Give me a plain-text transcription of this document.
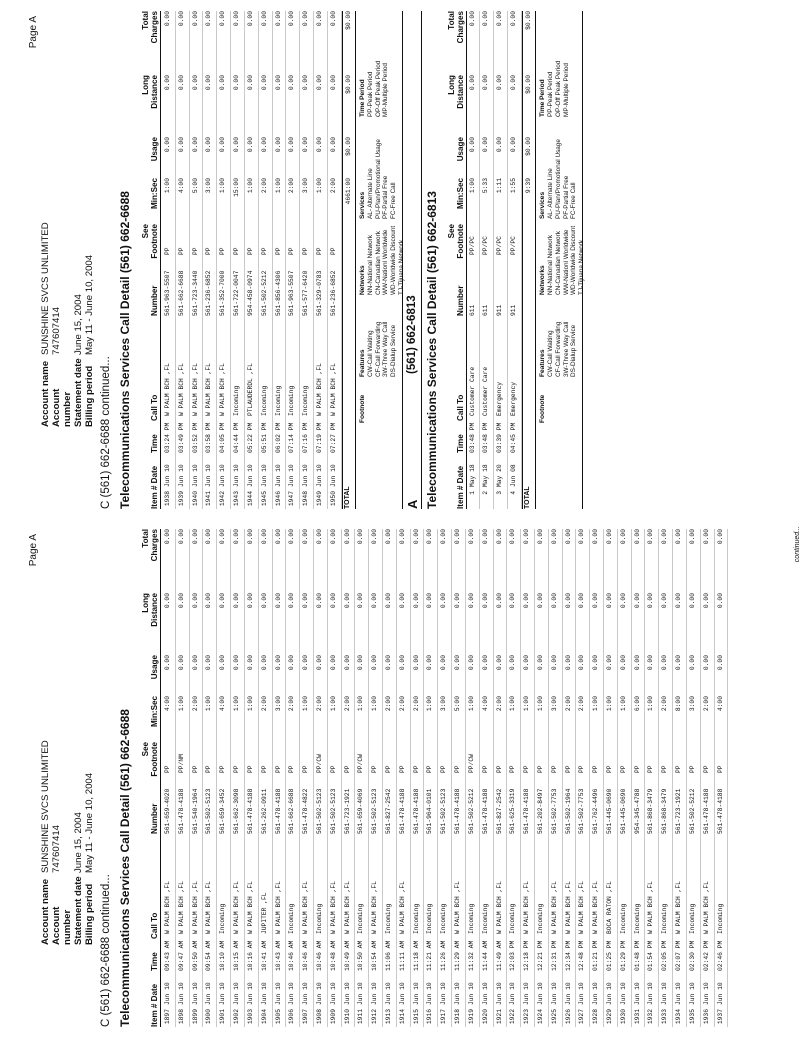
Page A
Account name
SUNSHINE SVCS UNLIMITED
Account number
747607414
Statement date
June 15, 2004
Billing period
May 11 - June 10, 2004
C (561) 662-6688 continued... Telecommunications Services Call Detail (561) 662-6688 Item # Date
Time
Call To
Number
See
Footnote
Min:Sec
Usage
Long
Distance
Total
Charges
1897
Jun 10
09:43 AM
W PALM BCH ,FL
561-659-4020
PP
4:00
0.00
0.00
0.00
1898
Jun 10
09:47 AM
W PALM BCH ,FL
561-478-4188
PP/NM
1:00
0.00
0.00
0.00
1899
Jun 10
09:50 AM
W PALM BCH ,FL
561-540-1964
PP
2:00
0.00
0.00
0.00
1900
Jun 10
09:54 AM
W PALM BCH ,FL
561-502-5123
PP
1:00
0.00
0.00
0.00
1901
Jun 10
10:10 AM
Incoming
561-659-3452
PP
4:00
0.00
0.00
0.00
1902
Jun 10
10:15 AM
W PALM BCH ,FL
561-662-3098
PP
1:00
0.00
0.00
0.00
1903
Jun 10
10:16 AM
W PALM BCH ,FL
561-478-4188
PP
1:00
0.00
0.00
0.00
1904
Jun 10
10:41 AM
JUPITER ,FL
561-262-0911
PP
2:00
0.00
0.00
0.00
1905
Jun 10
10:43 AM
W PALM BCH ,FL
561-478-4188
PP
3:00
0.00
0.00
0.00
1906
Jun 10
10:46 AM
Incoming
561-662-6688
PP
2:00
0.00
0.00
0.00
1907
Jun 10
10:46 AM
W PALM BCH ,FL
561-478-4822
PP
1:00
0.00
0.00
0.00
1908
Jun 10
10:46 AM
Incoming
561-502-5123
PP/CW
2:00
0.00
0.00
0.00
1909
Jun 10
10:48 AM
W PALM BCH ,FL
561-502-5123
PP
1:00
0.00
0.00
0.00
1910
Jun 10
10:49 AM
W PALM BCH ,FL
561-723-1921
PP
2:00
0.00
0.00
0.00
1911
Jun 10
10:50 AM
Incoming
561-659-4069
PP/CW
1:00
0.00
0.00
0.00
1912
Jun 10
10:54 AM
W PALM BCH ,FL
561-502-5123
PP
1:00
0.00
0.00
0.00
1913
Jun 10
11:06 AM
Incoming
561-827-2542
PP
2:00
0.00
0.00
0.00
1914
Jun 10
11:11 AM
W PALM BCH ,FL
561-478-4188
PP
2:00
0.00
0.00
0.00
1915
Jun 10
11:18 AM
Incoming
561-478-4188
PP
2:00
0.00
0.00
0.00
1916
Jun 10
11:21 AM
Incoming
561-964-0101
PP
1:00
0.00
0.00
0.00
1917
Jun 10
11:26 AM
Incoming
561-502-5123
PP
3:00
0.00
0.00
0.00
1918
Jun 10
11:29 AM
W PALM BCH ,FL
561-478-4188
PP
5:00
0.00
0.00
0.00
1919
Jun 10
11:32 AM
Incoming
561-502-5212
PP/CW
1:00
0.00
0.00
0.00
1920
Jun 10
11:44 AM
Incoming
561-478-4188
PP
4:00
0.00
0.00
0.00
1921
Jun 10
11:49 AM
W PALM BCH ,FL
561-827-2542
PP
2:00
0.00
0.00
0.00
1922
Jun 10
12:03 PM
Incoming
561-625-3319
PP
1:00
0.00
0.00
0.00
1923
Jun 10
12:18 PM
W PALM BCH ,FL
561-478-4188
PP
1:00
0.00
0.00
0.00
1924
Jun 10
12:21 PM
Incoming
561-202-8497
PP
1:00
0.00
0.00
0.00
1925
Jun 10
12:31 PM
W PALM BCH ,FL
561-502-7753
PP
3:00
0.00
0.00
0.00
1926
Jun 10
12:34 PM
W PALM BCH ,FL
561-502-1964
PP
2:00
0.00
0.00
0.00
1927
Jun 10
12:48 PM
W PALM BCH ,FL
561-502-7753
PP
2:00
0.00
0.00
0.00
1928
Jun 10
01:21 PM
W PALM BCH ,FL
561-762-4496
PP
1:00
0.00
0.00
0.00
1929
Jun 10
01:25 PM
BOCA RATON ,FL
561-445-0690
PP
1:00
0.00
0.00
0.00
1930
Jun 10
01:29 PM
Incoming
561-445-0690
PP
1:00
0.00
0.00
0.00
1931
Jun 10
01:48 PM
Incoming
954-345-4788
PP
6:00
0.00
0.00
0.00
1932
Jun 10
01:54 PM
W PALM BCH ,FL
561-868-3479
PP
1:00
0.00
0.00
0.00
1933
Jun 10
02:05 PM
Incoming
561-868-3479
PP
2:00
0.00
0.00
0.00
1934
Jun 10
02:07 PM
W PALM BCH ,FL
561-723-1921
PP
8:00
0.00
0.00
0.00
1935
Jun 10
02:30 PM
Incoming
561-502-5212
PP
3:00
0.00
0.00
0.00
1936
Jun 10
02:42 PM
W PALM BCH ,FL
561-478-4188
PP
2:00
0.00
0.00
0.00
1937
Jun 10
02:46 PM
Incoming
561-478-4188
PP
4:00
0.00
0.00
0.00	continued...
Page A
Account name
SUNSHINE SVCS UNLIMITED
Account number
747607414
Statement date
June 15, 2004
Billing period
May 11 - June 10, 2004
C (561) 662-6688 continued... Telecommunications Services Call Detail (561) 662-6688 Item # Date
Time
Call To
Number
See
Footnote
Min:Sec
Usage
Long
Distance
Total
Charges
1938
Jun 10
03:24 PM
W PALM BCH ,FL
561-963-5507
PP
1:00
0.00
0.00
0.00
1939
Jun 10
03:49 PM
W PALM BCH ,FL
561-662-6688
PP
4:00
0.00
0.00
0.00
1940
Jun 10
03:52 PM
W PALM BCH ,FL
561-723-3440
PP
5:00
0.00
0.00
0.00
1941
Jun 10
03:58 PM
W PALM BCH ,FL
561-236-6852
PP
3:00
0.00
0.00
0.00
1942
Jun 10
04:05 PM
W PALM BCH ,FL
561-352-7000
PP
1:00
0.00
0.00
0.00
1943
Jun 10
04:44 PM
Incoming
561-722-0047
PP
15:00
0.00
0.00
0.00
1944
Jun 10
05:22 PM
PTLAUDERDL ,FL
954-458-0974
PP
1:00
0.00
0.00
0.00
1945
Jun 10
05:51 PM
Incoming
561-502-5212
PP
2:00
0.00
0.00
0.00
1946
Jun 10
06:02 PM
Incoming
561-856-4306
PP
1:00
0.00
0.00
0.00
1947
Jun 10
07:14 PM
Incoming
561-963-5507
PP
2:00
0.00
0.00
0.00
1948
Jun 10
07:16 PM
Incoming
561-577-6420
PP
3:00
0.00
0.00
0.00
1949
Jun 10
07:19 PM
W PALM BCH ,FL
561-329-0783
PP
1:00
0.00
0.00
0.00
1950
Jun 10
07:27 PM
W PALM BCH ,FL
561-236-6852
PP
2:00
0.00
0.00
0.00
TOTAL
4661:00
$0.00
$0.00
$0.00
Footnote
Features CW-Call Waiting CF-Call Forwarding 3W-Three Way Call DS-Dialup Service
Networks NN-National Network CN-Canadian Network WW-Nationl Worldwide WD-Worldwide Discount TJ-Tijuana Network
Services AL- Alternate Line PU-Plan/Promotional Usage PF-Partial Free FC-Free Call
Time Period PP-Peak Period OP-Off Peak Period MP-Multiple Period
A
(561) 662-6813 Telecommunications Services Call Detail (561) 662-6813 Item # Date
Time
Call To
Number
See
Footnote
Min:Sec
Usage
Long
Distance
Total
Charges
1
May 18
03:48 PM
Customer Care
611
PP/PC
1:00
0.00
0.00
0.00
2
May 18
03:48 PM
Customer Care
611
PP/PC
5:33
0.00
0.00
0.00
3
May 20
03:39 PM
Emergency
911
PP/PC
1:11
0.00
0.00
0.00
4
Jun 08
04:45 PM
Emergency
911
PP/PC
1:55
0.00
0.00
0.00
TOTAL
9:39
$0.00
$0.00
$0.00
Footnote
Features CW-Call Waiting CF-Call Forwarding 3W-Three Way Call DS-Dialup Service
Networks NN-National Network CN-Canadian Network WW-Nationl Worldwide WD-Worldwide Discount TJ-Tijuana Network
Services AL- Alternate Line PU-Plan/Promotional Usage PF-Partial Free FC-Free Call
Time Period PP-Peak Period OP-Off Peak Period MP-Multiple Period
